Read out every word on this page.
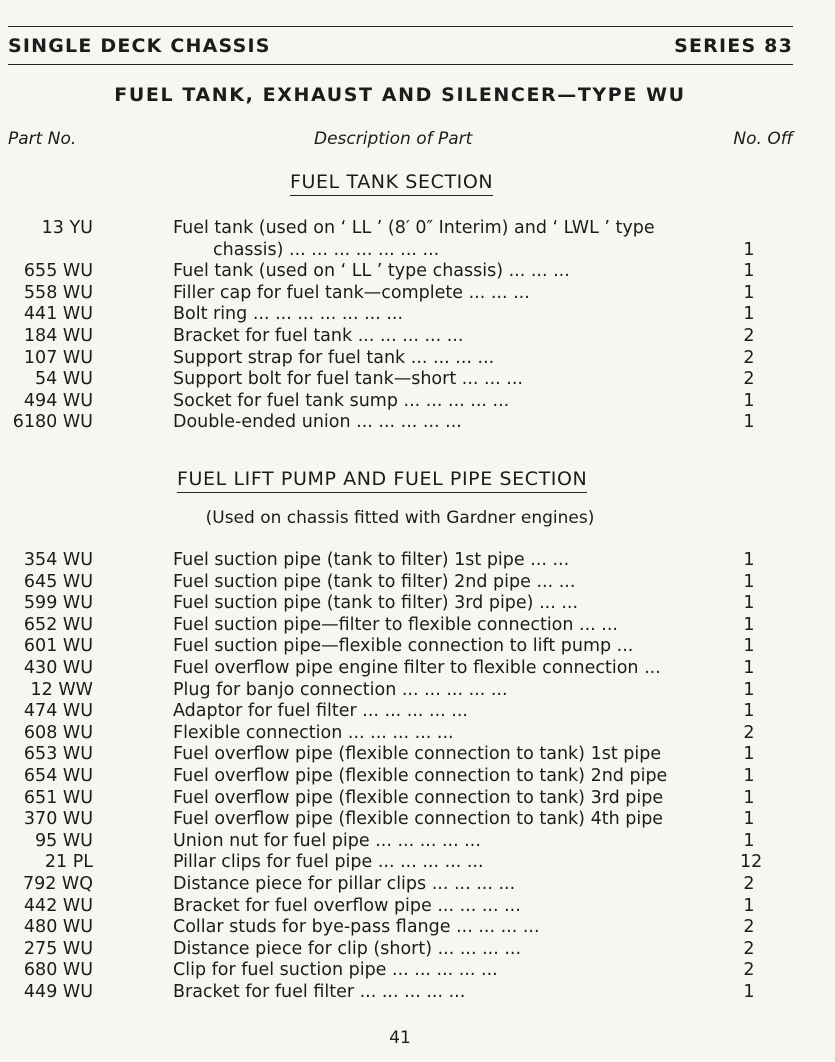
SINGLE DECK CHASSIS	SERIES 83
FUEL TANK, EXHAUST AND SILENCER—TYPE WU
Part No.	Description of Part	No. Off
FUEL TANK SECTION
13 YU	Fuel tank (used on ‘ LL ’ (8′ 0″ Interim) and ‘ LWL ’ type
chassis) ... ... ... ... ... ... ...	1
655 WU	Fuel tank (used on ‘ LL ’ type chassis) ... ... ...	1
558 WU	Filler cap for fuel tank—complete ... ... ...	1
441 WU	Bolt ring ... ... ... ... ... ... ...	1
184 WU	Bracket for fuel tank ... ... ... ... ...	2
107 WU	Support strap for fuel tank ... ... ... ...	2
54 WU	Support bolt for fuel tank—short ... ... ...	2
494 WU	Socket for fuel tank sump ... ... ... ... ...	1
6180 WU	Double-ended union ... ... ... ... ...	1
FUEL LIFT PUMP AND FUEL PIPE SECTION
(Used on chassis fitted with Gardner engines)
354 WU	Fuel suction pipe (tank to filter) 1st pipe ... ...	1
645 WU	Fuel suction pipe (tank to filter) 2nd pipe ... ...	1
599 WU	Fuel suction pipe (tank to filter) 3rd pipe) ... ...	1
652 WU	Fuel suction pipe—filter to flexible connection ... ...	1
601 WU	Fuel suction pipe—flexible connection to lift pump ...	1
430 WU	Fuel overflow pipe engine filter to flexible connection ...	1
12 WW	Plug for banjo connection ... ... ... ... ...	1
474 WU	Adaptor for fuel filter ... ... ... ... ...	1
608 WU	Flexible connection ... ... ... ... ...	2
653 WU	Fuel overflow pipe (flexible connection to tank) 1st pipe	1
654 WU	Fuel overflow pipe (flexible connection to tank) 2nd pipe	1
651 WU	Fuel overflow pipe (flexible connection to tank) 3rd pipe	1
370 WU	Fuel overflow pipe (flexible connection to tank) 4th pipe	1
95 WU	Union nut for fuel pipe ... ... ... ... ...	1
21 PL	Pillar clips for fuel pipe ... ... ... ... ...	12
792 WQ	Distance piece for pillar clips ... ... ... ...	2
442 WU	Bracket for fuel overflow pipe ... ... ... ...	1
480 WU	Collar studs for bye-pass flange ... ... ... ...	2
275 WU	Distance piece for clip (short) ... ... ... ...	2
680 WU	Clip for fuel suction pipe ... ... ... ... ...	2
449 WU	Bracket for fuel filter ... ... ... ... ...	1
41
